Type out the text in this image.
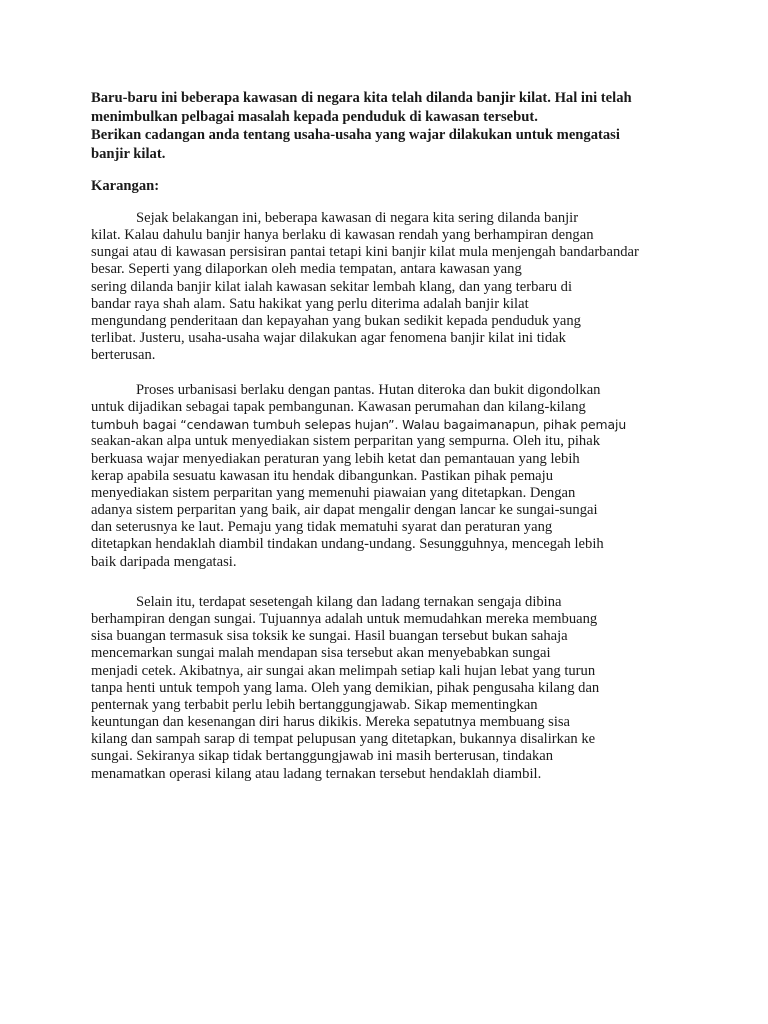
Baru-baru ini beberapa kawasan di negara kita telah dilanda banjir kilat. Hal ini telah
menimbulkan pelbagai masalah kepada penduduk di kawasan tersebut.
Berikan cadangan anda tentang usaha-usaha yang wajar dilakukan untuk mengatasi
banjir kilat.
Karangan:
Sejak belakangan ini, beberapa kawasan di negara kita sering dilanda banjir
kilat. Kalau dahulu banjir hanya berlaku di kawasan rendah yang berhampiran dengan
sungai atau di kawasan persisiran pantai tetapi kini banjir kilat mula menjengah bandarbandar
besar. Seperti yang dilaporkan oleh media tempatan, antara kawasan yang
sering dilanda banjir kilat ialah kawasan sekitar lembah klang, dan yang terbaru di
bandar raya shah alam. Satu hakikat yang perlu diterima adalah banjir kilat
mengundang penderitaan dan kepayahan yang bukan sedikit kepada penduduk yang
terlibat. Justeru, usaha-usaha wajar dilakukan agar fenomena banjir kilat ini tidak
berterusan.
Proses urbanisasi berlaku dengan pantas. Hutan diteroka dan bukit digondolkan
untuk dijadikan sebagai tapak pembangunan. Kawasan perumahan dan kilang-kilang
tumbuh bagai “cendawan tumbuh selepas hujan”. Walau bagaimanapun, pihak pemaju
seakan-akan alpa untuk menyediakan sistem perparitan yang sempurna. Oleh itu, pihak
berkuasa wajar menyediakan peraturan yang lebih ketat dan pemantauan yang lebih
kerap apabila sesuatu kawasan itu hendak dibangunkan. Pastikan pihak pemaju
menyediakan sistem perparitan yang memenuhi piawaian yang ditetapkan. Dengan
adanya sistem perparitan yang baik, air dapat mengalir dengan lancar ke sungai-sungai
dan seterusnya ke laut. Pemaju yang tidak mematuhi syarat dan peraturan yang
ditetapkan hendaklah diambil tindakan undang-undang. Sesungguhnya, mencegah lebih
baik daripada mengatasi.
Selain itu, terdapat sesetengah kilang dan ladang ternakan sengaja dibina
berhampiran dengan sungai. Tujuannya adalah untuk memudahkan mereka membuang
sisa buangan termasuk sisa toksik ke sungai. Hasil buangan tersebut bukan sahaja
mencemarkan sungai malah mendapan sisa tersebut akan menyebabkan sungai
menjadi cetek. Akibatnya, air sungai akan melimpah setiap kali hujan lebat yang turun
tanpa henti untuk tempoh yang lama. Oleh yang demikian, pihak pengusaha kilang dan
penternak yang terbabit perlu lebih bertanggungjawab. Sikap mementingkan
keuntungan dan kesenangan diri harus dikikis. Mereka sepatutnya membuang sisa
kilang dan sampah sarap di tempat pelupusan yang ditetapkan, bukannya disalirkan ke
sungai. Sekiranya sikap tidak bertanggungjawab ini masih berterusan, tindakan
menamatkan operasi kilang atau ladang ternakan tersebut hendaklah diambil.
